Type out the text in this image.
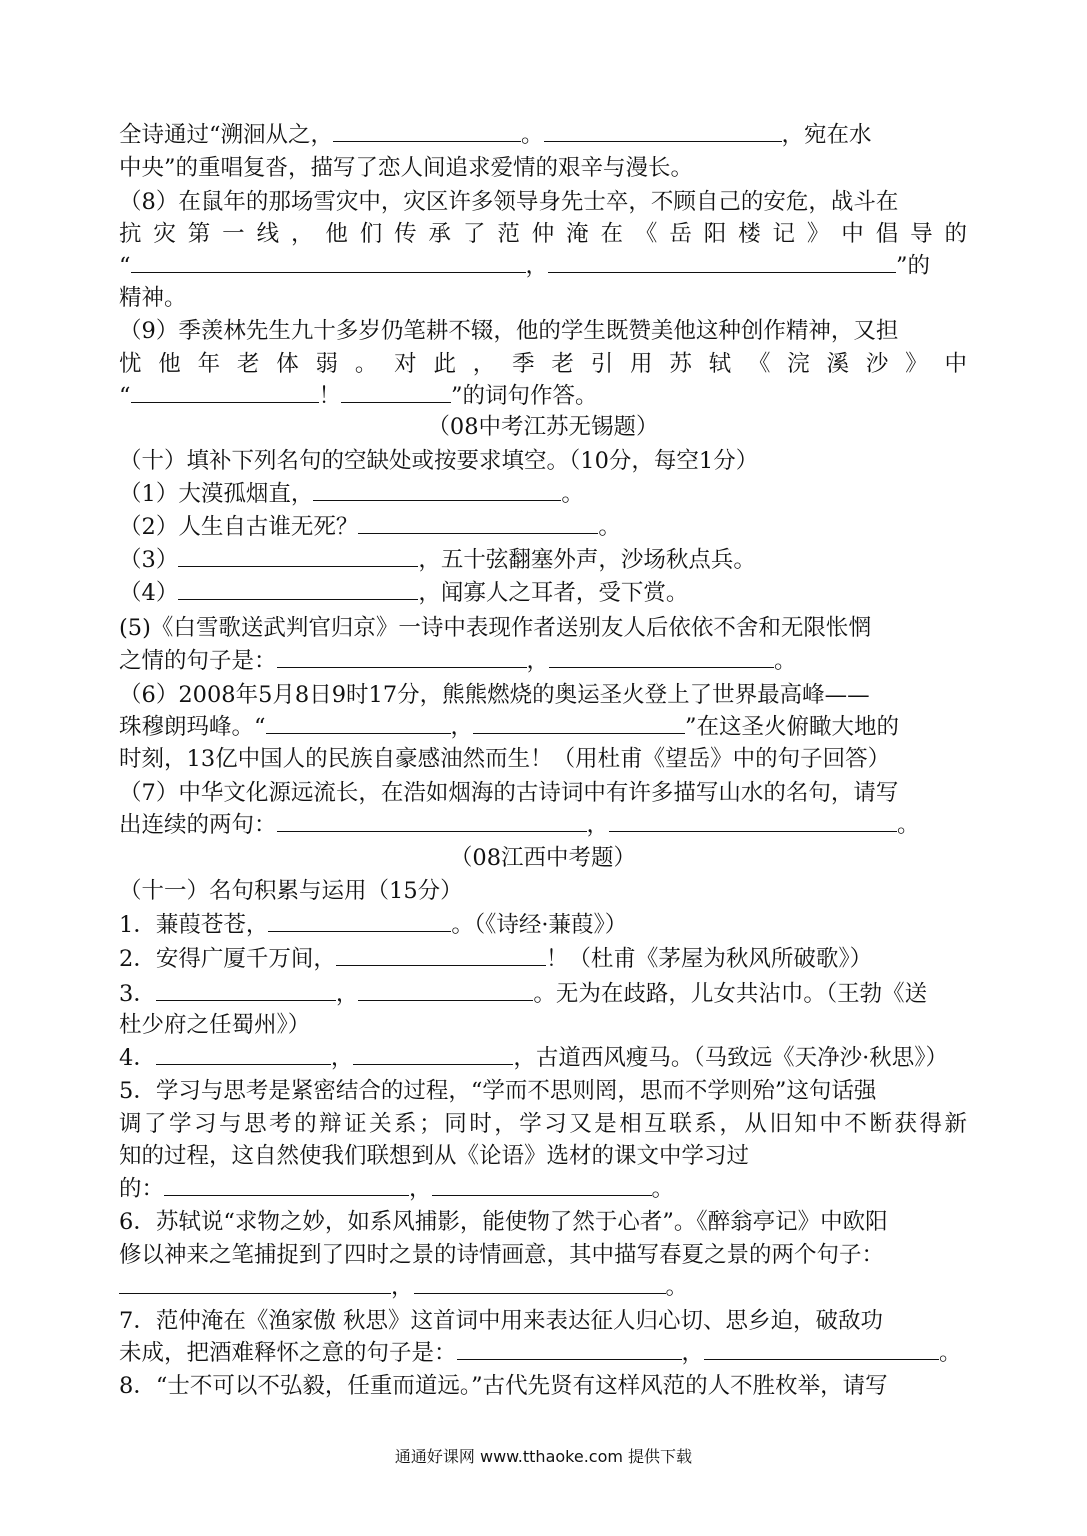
全诗通过“溯洄从之，	。	，宛在水
中央”的重唱复沓，描写了恋人间追求爱情的艰辛与漫长。
（8）在鼠年的那场雪灾中，灾区许多领导身先士卒，不顾自己的安危，战斗在
抗灾第一线，他们传承了范仲淹在《岳阳楼记》中倡导的
“	，	”的
精神。
（9）季羡林先生九十多岁仍笔耕不辍，他的学生既赞美他这种创作精神，又担
忧他年老体弱。对此，季老引用苏轼《浣溪沙》中
“	！	”的词句作答。
（08中考江苏无锡题）
（十）填补下列名句的空缺处或按要求填空。（10分，每空1分）
（1）大漠孤烟直，	。
（2）人生自古谁无死？	。
（3）	，五十弦翻塞外声，沙场秋点兵。
（4）	，闻寡人之耳者，受下赏。
(5)《白雪歌送武判官归京》一诗中表现作者送别友人后依依不舍和无限怅惘
之情的句子是：	，	。
（6）2008年5月8日9时17分，熊熊燃烧的奥运圣火登上了世界最高峰——
珠穆朗玛峰。“	，	”在这圣火俯瞰大地的
时刻，13亿中国人的民族自豪感油然而生！（用杜甫《望岳》中的句子回答）
（7）中华文化源远流长，在浩如烟海的古诗词中有许多描写山水的名句，请写
出连续的两句：	，	。
（08江西中考题）
（十一）名句积累与运用（15分）
1．蒹葭苍苍，	。（《诗经·蒹葭》）
2．安得广厦千万间，	！（杜甫《茅屋为秋风所破歌》）
3．	，	。无为在歧路，儿女共沾巾。（王勃《送
杜少府之任蜀州》）
4．	，	，古道西风瘦马。（马致远《天净沙·秋思》）
5．学习与思考是紧密结合的过程，“学而不思则罔，思而不学则殆”这句话强
调了学习与思考的辩证关系；同时，学习又是相互联系，从旧知中不断获得新
知的过程，这自然使我们联想到从《论语》选材的课文中学习过
的：	，	。
6．苏轼说“求物之妙，如系风捕影，能使物了然于心者”。《醉翁亭记》中欧阳
修以神来之笔捕捉到了四时之景的诗情画意，其中描写春夏之景的两个句子：
，	。
7．范仲淹在《渔家傲 秋思》这首词中用来表达征人归心切、思乡迫，破敌功
未成，把酒难释怀之意的句子是：	，	。
8．“士不可以不弘毅，任重而道远。”古代先贤有这样风范的人不胜枚举，请写
通通好课网 www.tthaoke.com 提供下载
